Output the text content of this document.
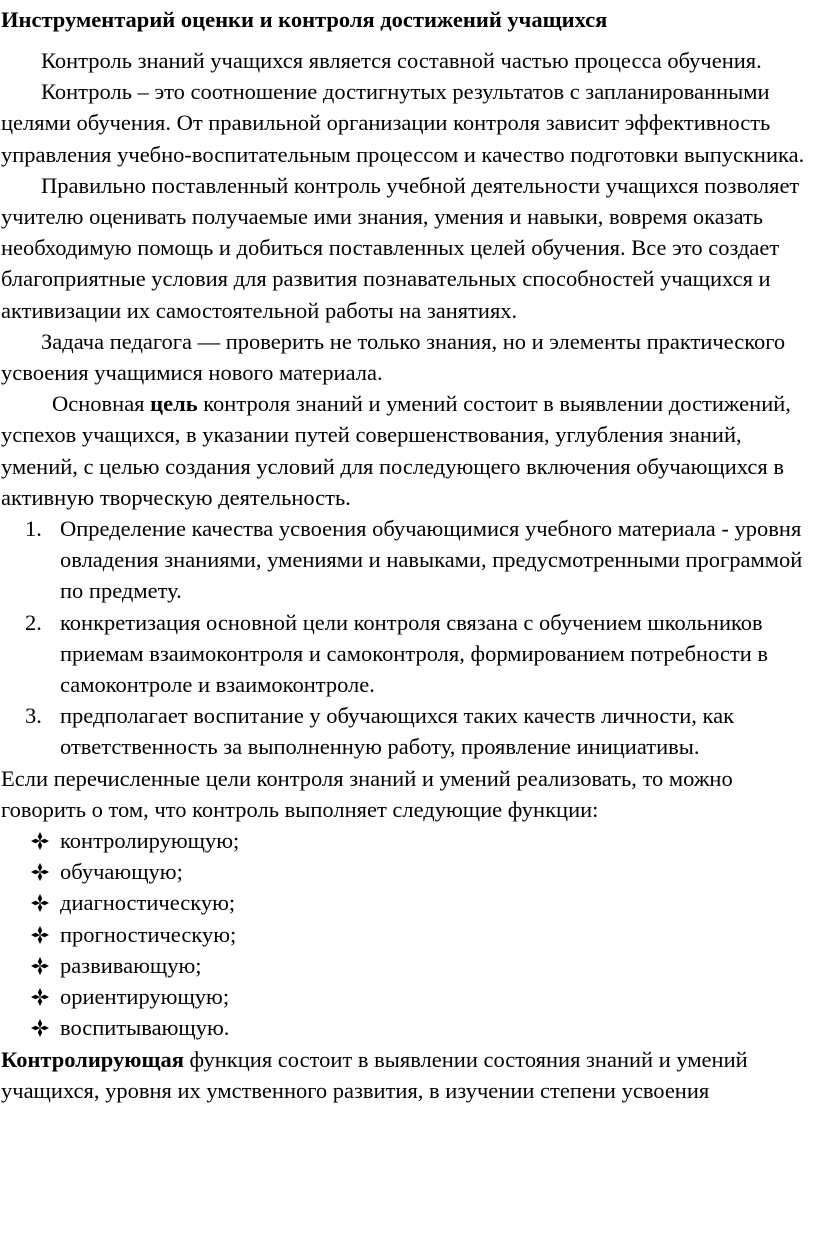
Инструментарий оценки и контроля достижений учащихся

Контроль знаний учащихся является составной частью процесса обучения.

Контроль – это соотношение достигнутых результатов с запланированными целями обучения. От правильной организации контроля зависит эффективность управления учебно-воспитательным процессом и качество подготовки выпускника.

Правильно поставленный контроль учебной деятельности учащихся позволяет учителю оценивать получаемые ими знания, умения и навыки, вовремя оказать необходимую помощь и добиться поставленных целей обучения. Все это создает благоприятные условия для развития познавательных способностей учащихся и активизации их самостоятельной работы на занятиях.

Задача педагога — проверить не только знания, но и элементы практического усвоения учащимися нового материала.

Основная цель контроля знаний и умений состоит в выявлении достижений, успехов учащихся, в указании путей совершенствования, углубления знаний, умений, с целью создания условий для последующего включения обучающихся в активную творческую деятельность.

1. Определение качества усвоения обучающимися учебного материала - уровня овладения знаниями, умениями и навыками, предусмотренными программой по предмету.
2. конкретизация основной цели контроля связана с обучением школьников приемам взаимоконтроля и самоконтроля, формированием потребности в самоконтроле и взаимоконтроле.
3. предполагает воспитание у обучающихся таких качеств личности, как ответственность за выполненную работу, проявление инициативы.

Если перечисленные цели контроля знаний и умений реализовать, то можно говорить о том, что контроль выполняет следующие функции:

контролирующую;
обучающую;
диагностическую;
прогностическую;
развивающую;
ориентирующую;
воспитывающую.

Контролирующая функция состоит в выявлении состояния знаний и умений учащихся, уровня их умственного развития, в изучении степени усвоения
